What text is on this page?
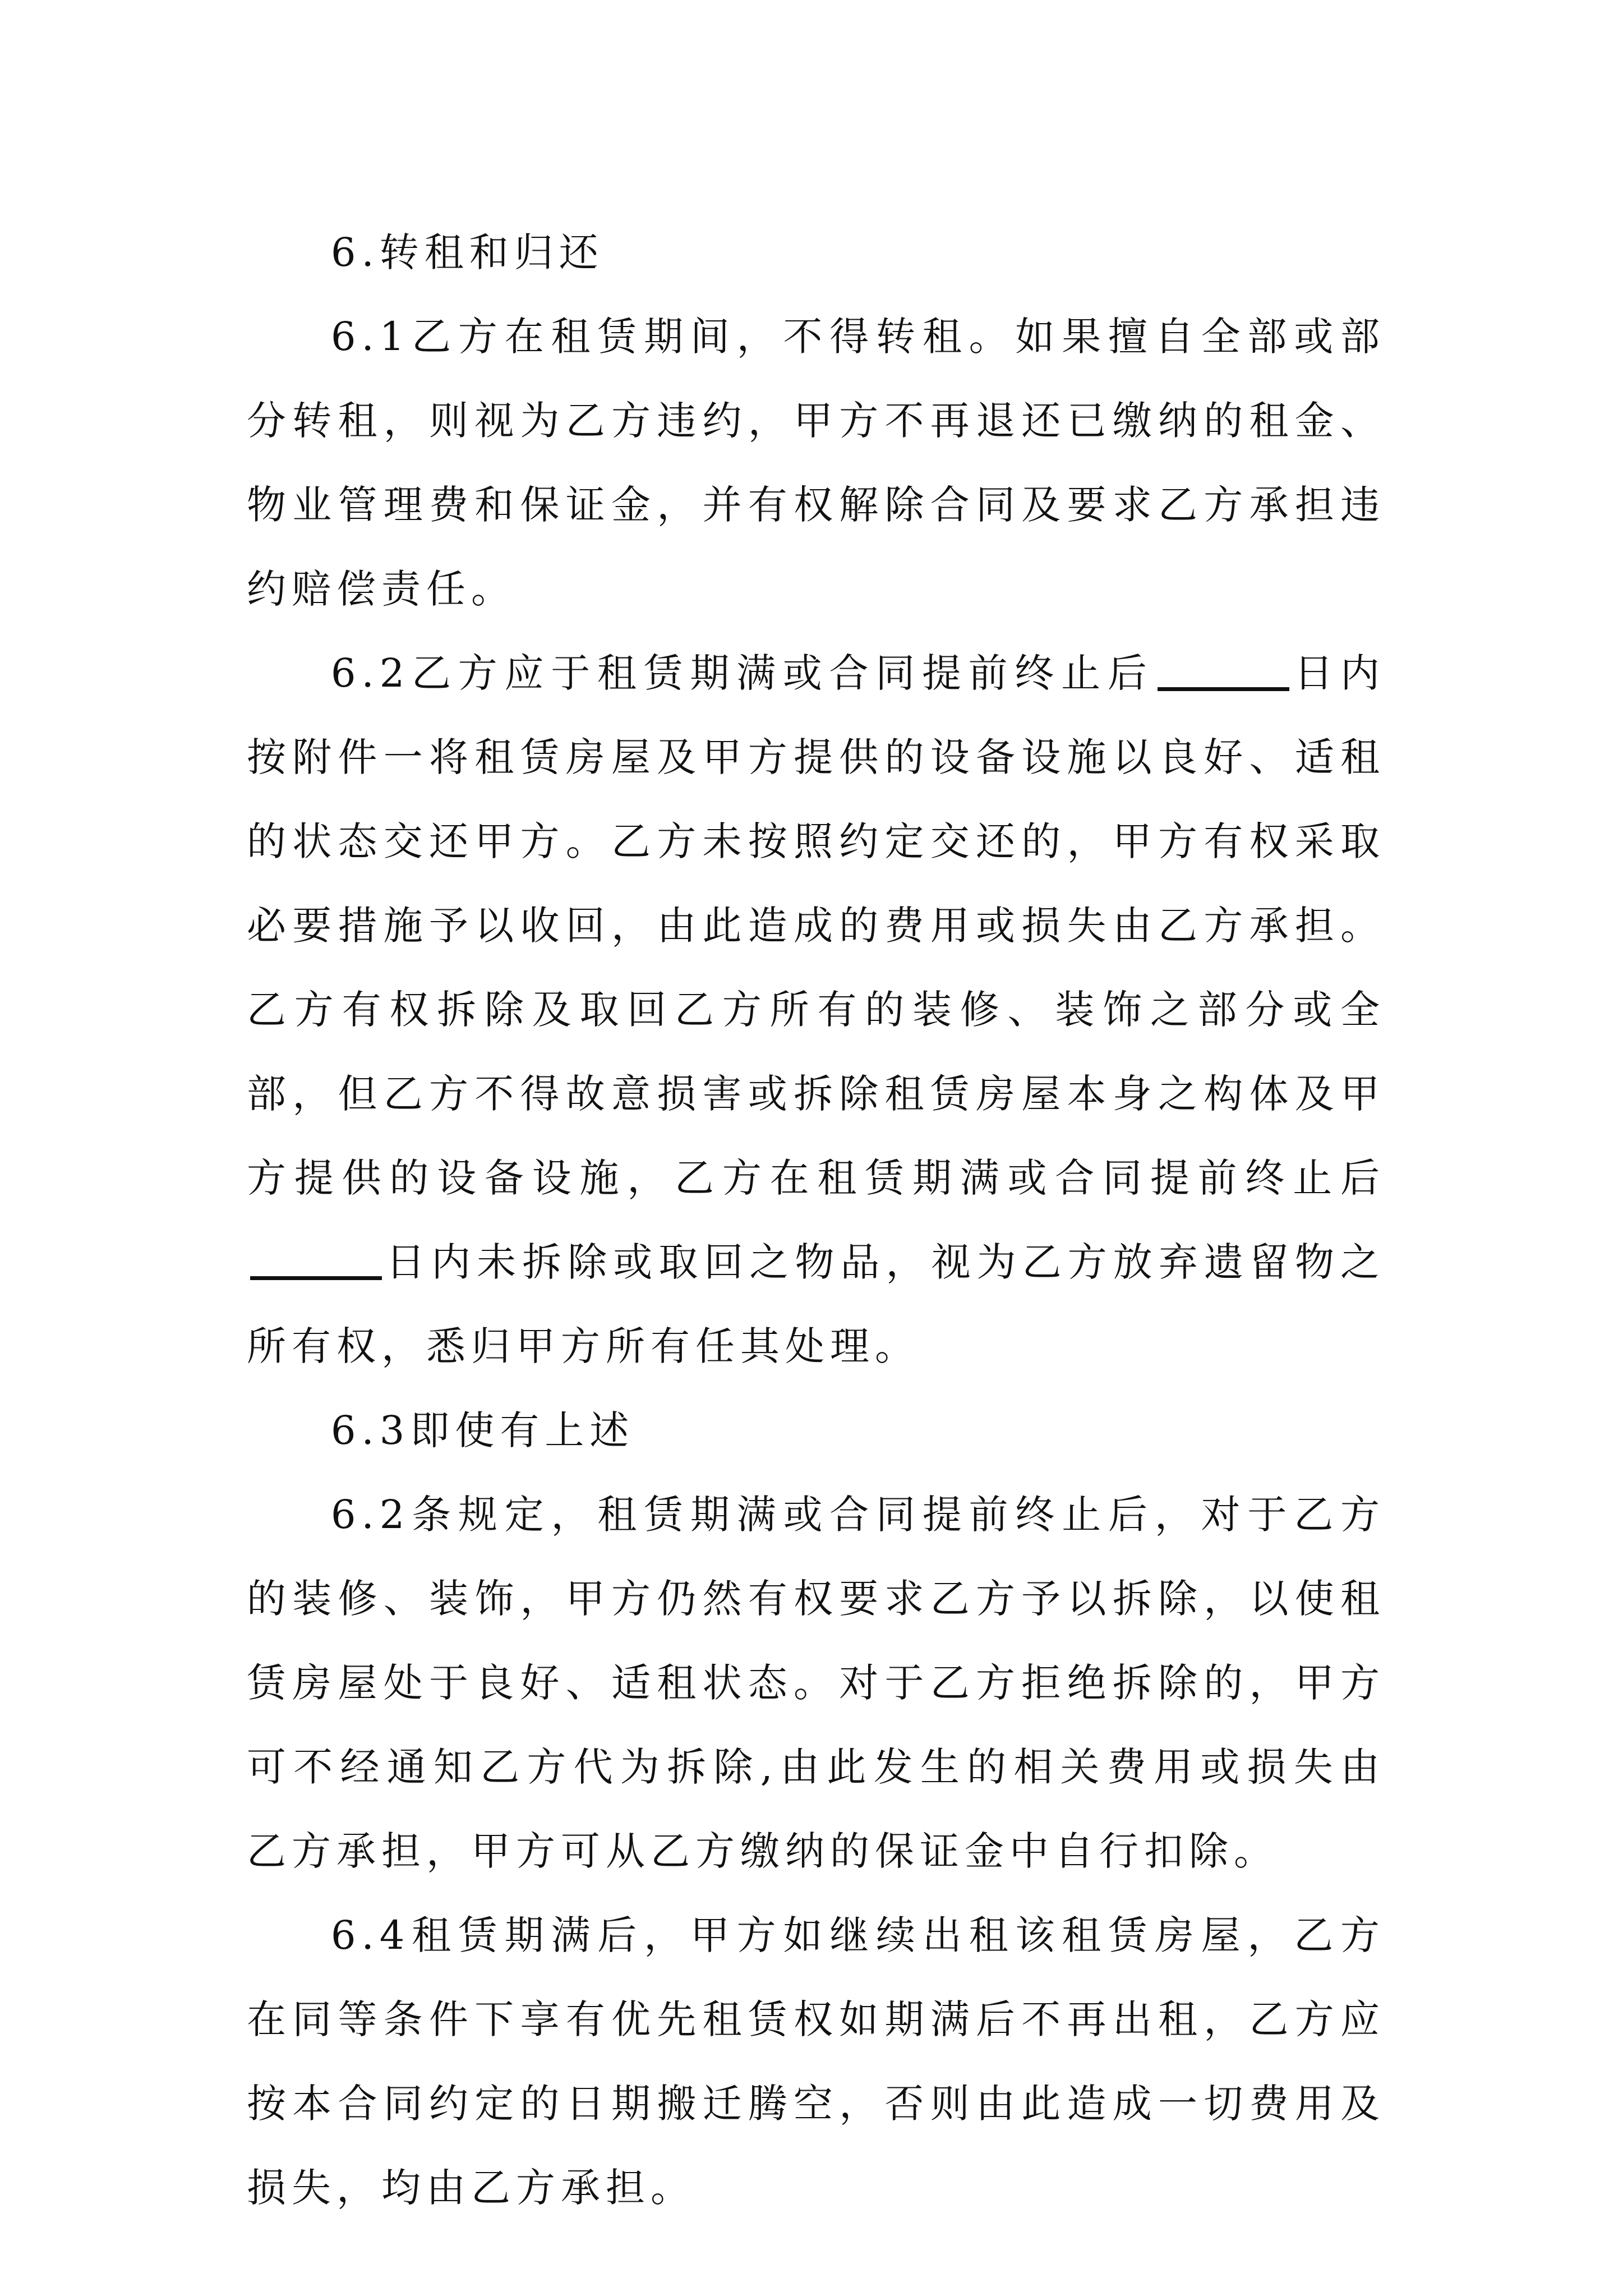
6.转租和归还

6.1乙方在租赁期间，不得转租。如果擅自全部或部分转租，则视为乙方违约，甲方不再退还已缴纳的租金、物业管理费和保证金，并有权解除合同及要求乙方承担违约赔偿责任。

6.2乙方应于租赁期满或合同提前终止后	日内按附件一将租赁房屋及甲方提供的设备设施以良好、适租的状态交还甲方。乙方未按照约定交还的，甲方有权采取必要措施予以收回，由此造成的费用或损失由乙方承担。乙方有权拆除及取回乙方所有的装修、装饰之部分或全部，但乙方不得故意损害或拆除租赁房屋本身之构体及甲方提供的设备设施，乙方在租赁期满或合同提前终止后日内未拆除或取回之物品，视为乙方放弃遗留物之所有权，悉归甲方所有任其处理。

6.3即使有上述

6.2条规定，租赁期满或合同提前终止后，对于乙方的装修、装饰，甲方仍然有权要求乙方予以拆除，以使租赁房屋处于良好、适租状态。对于乙方拒绝拆除的，甲方可不经通知乙方代为拆除,由此发生的相关费用或损失由乙方承担，甲方可从乙方缴纳的保证金中自行扣除。

6.4租赁期满后，甲方如继续出租该租赁房屋，乙方在同等条件下享有优先租赁权如期满后不再出租，乙方应按本合同约定的日期搬迁腾空，否则由此造成一切费用及损失，均由乙方承担。
